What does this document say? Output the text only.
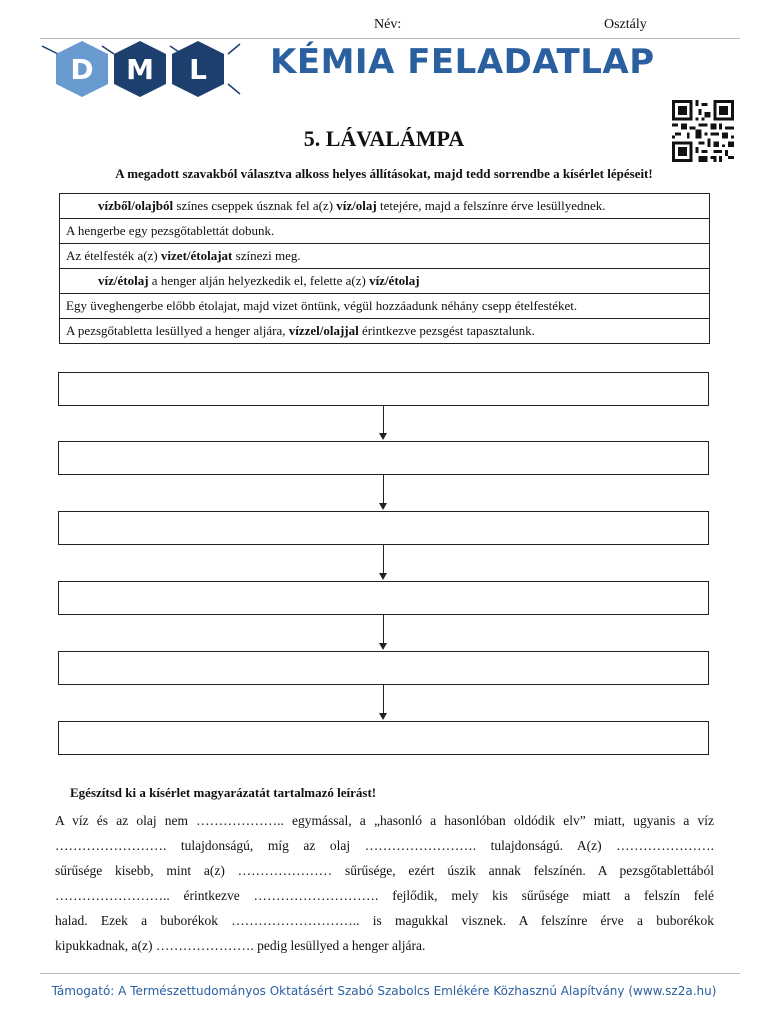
Név:	Osztály
D M L KÉMIA FELADATLAP
5. LÁVALÁMPA
A megadott szavakból választva alkoss helyes állításokat, majd tedd sorrendbe a kísérlet lépéseit!
vízből/olajból színes cseppek úsznak fel a(z) víz/olaj tetejére, majd a felszínre érve lesüllyednek.
A hengerbe egy pezsgőtablettát dobunk.
Az ételfesték a(z) vizet/étolajat színezi meg.
víz/étolaj a henger alján helyezkedik el, felette a(z) víz/étolaj
Egy üveghengerbe előbb étolajat, majd vizet öntünk, végül hozzáadunk néhány csepp ételfestéket.
A pezsgőtabletta lesüllyed a henger aljára, vízzel/olajjal érintkezve pezsgést tapasztalunk.
Egészítsd ki a kísérlet magyarázatát tartalmazó leírást!
A víz és az olaj nem ……………….. egymással, a „hasonló a hasonlóban oldódik elv” miatt, ugyanis a víz
……………………. tulajdonságú, míg az olaj ……………………. tulajdonságú. A(z) ………………….
sűrűsége kisebb, mint a(z) ………………… sűrűsége, ezért úszik annak felszínén. A pezsgőtablettából
…………………….. érintkezve ………………………. fejlődik, mely kis sűrűsége miatt a felszín felé
halad. Ezek a buborékok ……………………….. is magukkal visznek. A felszínre érve a buborékok
kipukkadnak, a(z) …………………. pedig lesüllyed a henger aljára.
Támogató: A Természettudományos Oktatásért Szabó Szabolcs Emlékére Közhasznú Alapítvány (www.sz2a.hu)
